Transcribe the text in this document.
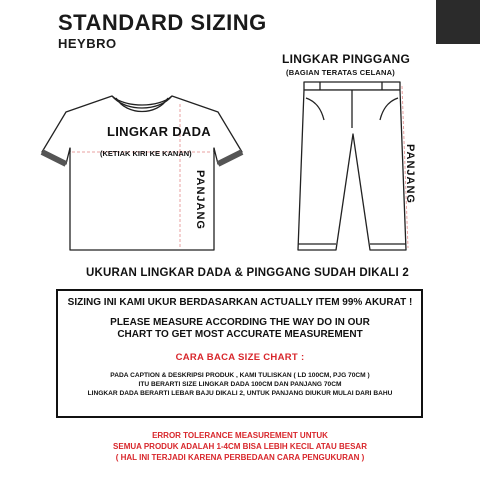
STANDARD SIZING
HEYBRO
LINGKAR PINGGANG
(BAGIAN TERATAS CELANA)
LINGKAR DADA
(KETIAK KIRI KE KANAN)
PANJANG	PANJANG
UKURAN LINGKAR DADA & PINGGANG SUDAH DIKALI 2
SIZING INI KAMI UKUR BERDASARKAN ACTUALLY ITEM 99% AKURAT !
PLEASE MEASURE ACCORDING THE WAY DO IN OUR
CHART TO GET MOST ACCURATE MEASUREMENT
CARA BACA SIZE CHART :
PADA CAPTION & DESKRIPSI PRODUK , KAMI TULISKAN ( LD 100CM, PJG 70CM )
ITU BERARTI SIZE LINGKAR DADA 100CM DAN PANJANG 70CM
LINGKAR DADA BERARTI LEBAR BAJU DIKALI 2, UNTUK PANJANG DIUKUR MULAI DARI BAHU
ERROR TOLERANCE MEASUREMENT UNTUK
SEMUA PRODUK ADALAH 1-4CM BISA LEBIH KECIL ATAU BESAR
( HAL INI TERJADI KARENA PERBEDAAN CARA PENGUKURAN )
